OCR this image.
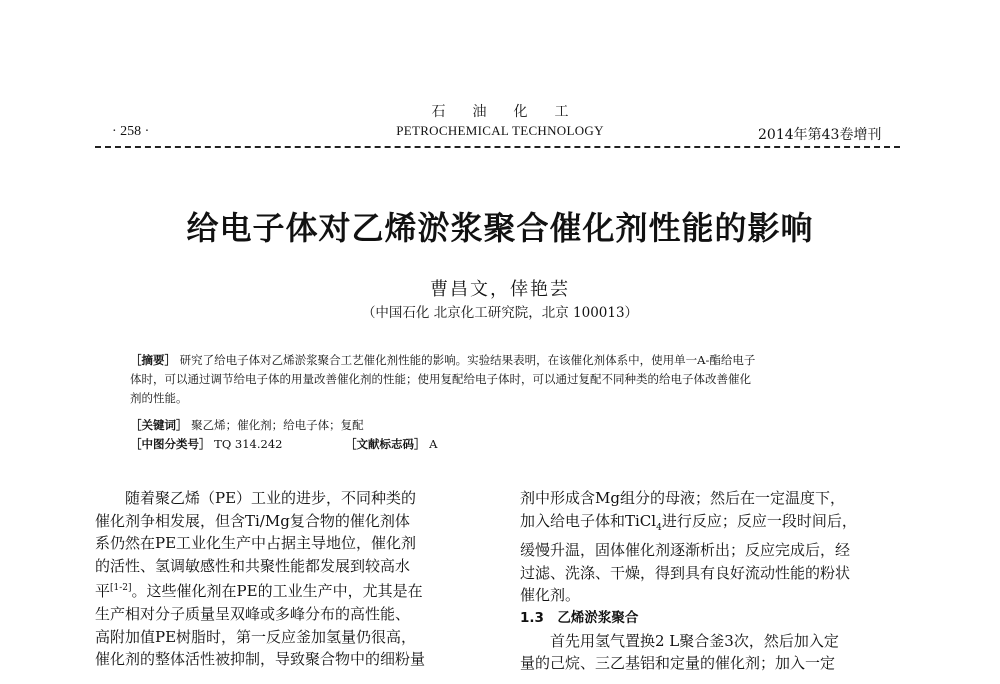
石油化工

· 258 ·	PETROCHEMICAL TECHNOLOGY	2014年第43卷增刊

给电子体对乙烯淤浆聚合催化剂性能的影响

曹昌文，倖艳芸

（中国石化 北京化工研究院，北京 100013）

［摘要］ 研究了给电子体对乙烯淤浆聚合工艺催化剂性能的影响。实验结果表明，在该催化剂体系中，使用单一A-酯给电子
体时，可以通过调节给电子体的用量改善催化剂的性能；使用复配给电子体时，可以通过复配不同种类的给电子体改善催化
剂的性能。

［关键词］ 聚乙烯；催化剂；给电子体；复配

［中图分类号］ TQ 314.242	［文献标志码］ A

随着聚乙烯（PE）工业的进步，不同种类的
催化剂争相发展，但含Ti/Mg复合物的催化剂体
系仍然在PE工业化生产中占据主导地位，催化剂
的活性、氢调敏感性和共聚性能都发展到较高水
平[1-2]。这些催化剂在PE的工业生产中，尤其是在
生产相对分子质量呈双峰或多峰分布的高性能、
高附加值PE树脂时，第一反应釜加氢量仍很高，
催化剂的整体活性被抑制，导致聚合物中的细粉量
剂中形成含Mg组分的母液；然后在一定温度下，
加入给电子体和TiCl$_4$进行反应；反应一段时间后，
缓慢升温，固体催化剂逐渐析出；反应完成后，经
过滤、洗涤、干燥，得到具有良好流动性能的粉状
催化剂。
1.3　乙烯淤浆聚合
首先用氢气置换2 L聚合釜3次，然后加入定
量的己烷、三乙基铝和定量的催化剂；加入一定
